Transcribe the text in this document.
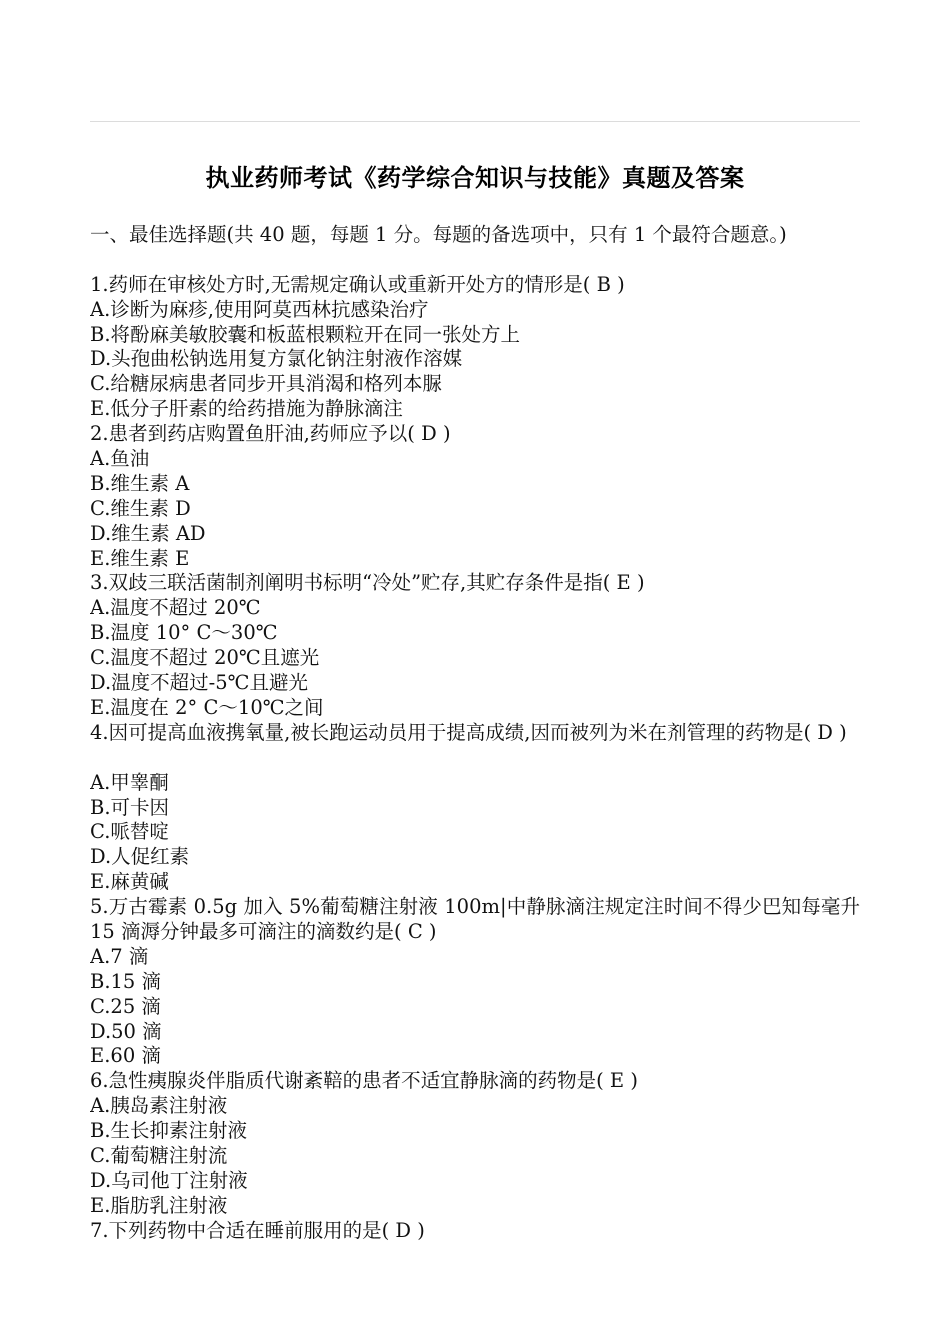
执业药师考试《药学综合知识与技能》真题及答案
一、最佳选择题(共 40 题，每题 1 分。每题的备选项中，只有 1 个最符合题意。)
1.药师在审核处方时,无需规定确认或重新开处方的情形是( B )
A.诊断为麻疹,使用阿莫西林抗感染治疗
B.将酚麻美敏胶囊和板蓝根颗粒开在同一张处方上
D.头孢曲松钠选用复方氯化钠注射液作溶媒
C.给糖尿病患者同步开具消渴和格列本脲
E.低分子肝素的给药措施为静脉滴注
2.患者到药店购置鱼肝油,药师应予以( D )
A.鱼油
B.维生素 A
C.维生素 D
D.维生素 AD
E.维生素 E
3.双歧三联活菌制剂阐明书标明“冷处”贮存,其贮存条件是指( E )
A.温度不超过 20℃
B.温度 10° C～30℃
C.温度不超过 20℃且遮光
D.温度不超过-5℃且避光
E.温度在 2° C～10℃之间
4.因可提高血液携氧量,被长跑运动员用于提高成绩,因而被列为米在剂管理的药物是( D )
A.甲睾酮
B.可卡因
C.哌替啶
D.人促红素
E.麻黄碱
5.万古霉素 0.5g 加入 5%葡萄糖注射液 100m|中静脉滴注规定注时间不得少巴知每毫升 15 滴溽分钟最多可滴注的滴数约是( C )
A.7 滴
B.15 滴
C.25 滴
D.50 滴
E.60 滴
6.急性痍腺炎伴脂质代谢紊鞛的患者不适宜静脉滴的药物是( E )
A.胰岛素注射液
B.生长抑素注射液
C.葡萄糖注射流
D.乌司他丁注射液
E.脂肪乳注射液
7.下列药物中合适在睡前服用的是( D )
